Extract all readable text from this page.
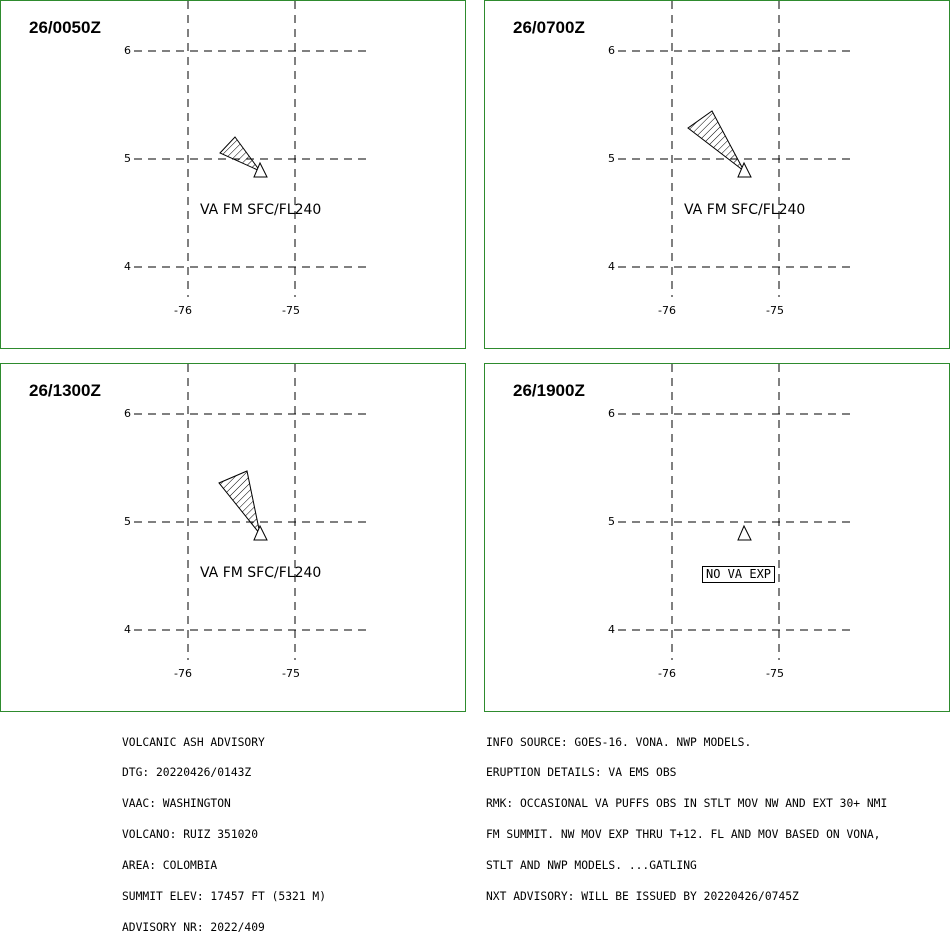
26/0050Z
6
5
4
-76	-75
VA FM SFC/FL240
26/0700Z
6
5
4
-76	-75
VA FM SFC/FL240
26/1300Z
6
5
4
-76	-75
VA FM SFC/FL240
26/1900Z
6
5
4
-76	-75
NO VA EXP

VOLCANIC ASH ADVISORY

DTG: 20220426/0143Z

VAAC: WASHINGTON

VOLCANO: RUIZ 351020

AREA: COLOMBIA

SUMMIT ELEV: 17457 FT (5321 M)

ADVISORY NR: 2022/409

INFO SOURCE: GOES-16. VONA. NWP MODELS.

ERUPTION DETAILS: VA EMS OBS

RMK: OCCASIONAL VA PUFFS OBS IN STLT MOV NW AND EXT 30+ NMI

FM SUMMIT. NW MOV EXP THRU T+12. FL AND MOV BASED ON VONA,

STLT AND NWP MODELS. ...GATLING

NXT ADVISORY: WILL BE ISSUED BY 20220426/0745Z
